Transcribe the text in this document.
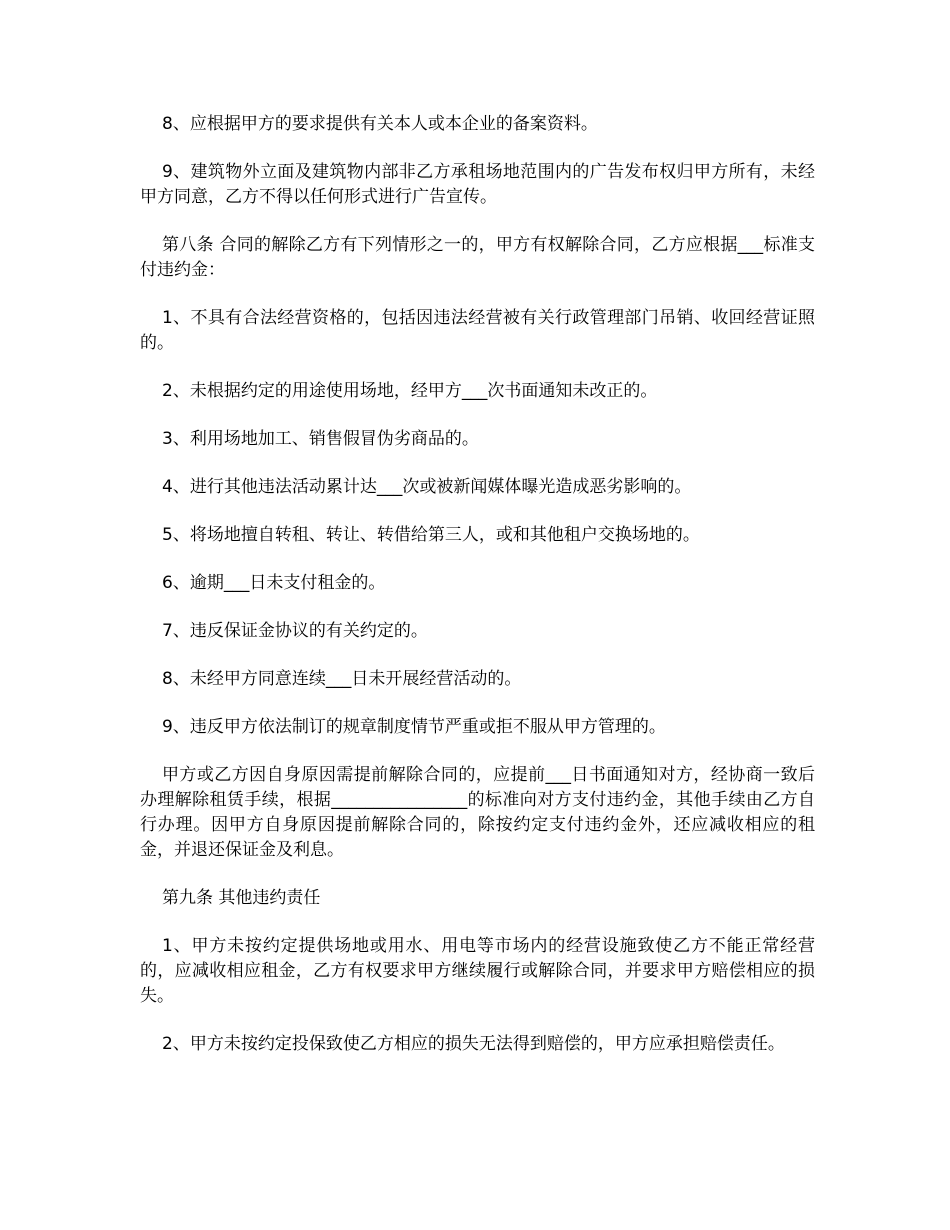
8、应根据甲方的要求提供有关本人或本企业的备案资料。

9、建筑物外立面及建筑物内部非乙方承租场地范围内的广告发布权归甲方所有，未经甲方同意，乙方不得以任何形式进行广告宣传。

第八条 合同的解除乙方有下列情形之一的，甲方有权解除合同，乙方应根据___标准支付违约金：

1、不具有合法经营资格的，包括因违法经营被有关行政管理部门吊销、收回经营证照的。

2、未根据约定的用途使用场地，经甲方___次书面通知未改正的。

3、利用场地加工、销售假冒伪劣商品的。

4、进行其他违法活动累计达___次或被新闻媒体曝光造成恶劣影响的。

5、将场地擅自转租、转让、转借给第三人，或和其他租户交换场地的。

6、逾期___日未支付租金的。

7、违反保证金协议的有关约定的。

8、未经甲方同意连续___日未开展经营活动的。

9、违反甲方依法制订的规章制度情节严重或拒不服从甲方管理的。

甲方或乙方因自身原因需提前解除合同的，应提前___日书面通知对方，经协商一致后办理解除租赁手续，根据________________的标准向对方支付违约金，其他手续由乙方自行办理。因甲方自身原因提前解除合同的，除按约定支付违约金外，还应减收相应的租金，并退还保证金及利息。

第九条 其他违约责任

1、甲方未按约定提供场地或用水、用电等市场内的经营设施致使乙方不能正常经营的，应减收相应租金，乙方有权要求甲方继续履行或解除合同，并要求甲方赔偿相应的损失。

2、甲方未按约定投保致使乙方相应的损失无法得到赔偿的，甲方应承担赔偿责任。
